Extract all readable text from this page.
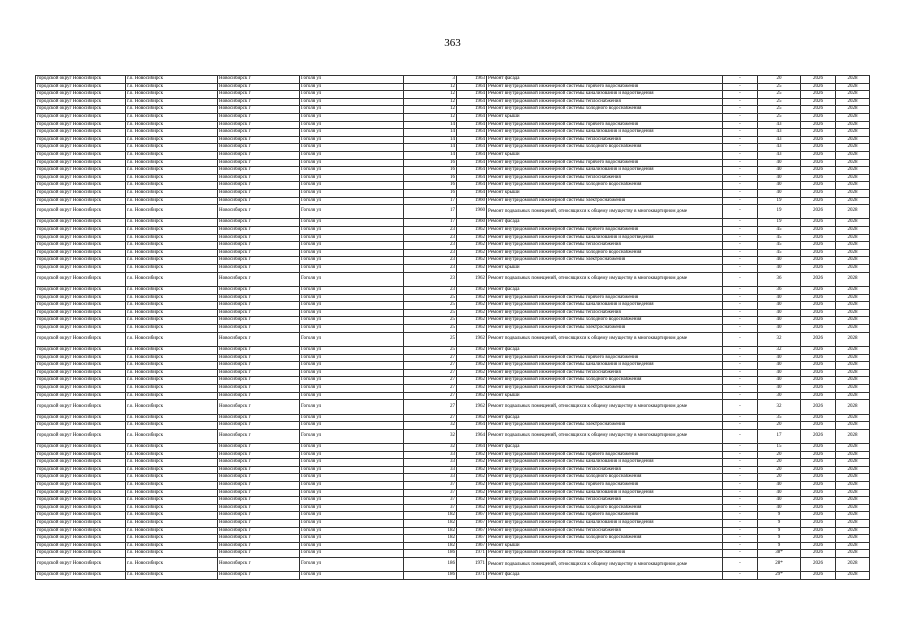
363
городской округ Новосибирск	г.о. Новосибирск	Новосибирск г	Гоголя ул	3	1963	Ремонт фасада	-	20	2026	2028
городской округ Новосибирск	г.о. Новосибирск	Новосибирск г	Гоголя ул	12	1964	Ремонт внутридомовой инженерной системы горячего водоснабжения	-	25	2026	2028
городской округ Новосибирск	г.о. Новосибирск	Новосибирск г	Гоголя ул	12	1964	Ремонт внутридомовой инженерной системы канализования и водоотведения	-	25	2026	2028
городской округ Новосибирск	г.о. Новосибирск	Новосибирск г	Гоголя ул	12	1964	Ремонт внутридомовой инженерной системы теплоснабжения	-	25	2026	2028
городской округ Новосибирск	г.о. Новосибирск	Новосибирск г	Гоголя ул	12	1964	Ремонт внутридомовой инженерной системы холодного водоснабжения	-	25	2026	2028
городской округ Новосибирск	г.о. Новосибирск	Новосибирск г	Гоголя ул	12	1964	Ремонт крыши	-	25	2026	2028
городской округ Новосибирск	г.о. Новосибирск	Новосибирск г	Гоголя ул	14	1964	Ремонт внутридомовой инженерной системы горячего водоснабжения	-	43	2026	2028
городской округ Новосибирск	г.о. Новосибирск	Новосибирск г	Гоголя ул	14	1964	Ремонт внутридомовой инженерной системы канализования и водоотведения	-	43	2026	2028
городской округ Новосибирск	г.о. Новосибирск	Новосибирск г	Гоголя ул	14	1964	Ремонт внутридомовой инженерной системы теплоснабжения	-	43	2026	2028
городской округ Новосибирск	г.о. Новосибирск	Новосибирск г	Гоголя ул	14	1964	Ремонт внутридомовой инженерной системы холодного водоснабжения	-	43	2026	2028
городской округ Новосибирск	г.о. Новосибирск	Новосибирск г	Гоголя ул	14	1964	Ремонт крыши	-	43	2026	2028
городской округ Новосибирск	г.о. Новосибирск	Новосибирск г	Гоголя ул	16	1964	Ремонт внутридомовой инженерной системы горячего водоснабжения	-	40	2026	2028
городской округ Новосибирск	г.о. Новосибирск	Новосибирск г	Гоголя ул	16	1964	Ремонт внутридомовой инженерной системы канализования и водоотведения	-	40	2026	2028
городской округ Новосибирск	г.о. Новосибирск	Новосибирск г	Гоголя ул	16	1964	Ремонт внутридомовой инженерной системы теплоснабжения	-	40	2026	2028
городской округ Новосибирск	г.о. Новосибирск	Новосибирск г	Гоголя ул	16	1964	Ремонт внутридомовой инженерной системы холодного водоснабжения	-	40	2026	2028
городской округ Новосибирск	г.о. Новосибирск	Новосибирск г	Гоголя ул	16	1964	Ремонт крыши	-	40	2026	2028
городской округ Новосибирск	г.о. Новосибирск	Новосибирск г	Гоголя ул	17	1960	Ремонт внутридомовой инженерной системы электроснабжения	-	19	2026	2028
городской округ Новосибирск	г.о. Новосибирск	Новосибирск г	Гоголя ул	17	1960	Ремонт подвальных помещений, относящихся к общему имуществу в многоквартирном доме	-	19	2026	2028
городской округ Новосибирск	г.о. Новосибирск	Новосибирск г	Гоголя ул	17	1960	Ремонт фасада	-	19	2026	2028
городской округ Новосибирск	г.о. Новосибирск	Новосибирск г	Гоголя ул	23	1962	Ремонт внутридомовой инженерной системы горячего водоснабжения	-	45	2026	2028
городской округ Новосибирск	г.о. Новосибирск	Новосибирск г	Гоголя ул	23	1962	Ремонт внутридомовой инженерной системы канализования и водоотведения	-	45	2026	2028
городской округ Новосибирск	г.о. Новосибирск	Новосибирск г	Гоголя ул	23	1962	Ремонт внутридомовой инженерной системы теплоснабжения	-	45	2026	2028
городской округ Новосибирск	г.о. Новосибирск	Новосибирск г	Гоголя ул	23	1962	Ремонт внутридомовой инженерной системы холодного водоснабжения	-	45	2026	2028
городской округ Новосибирск	г.о. Новосибирск	Новосибирск г	Гоголя ул	23	1962	Ремонт внутридомовой инженерной системы электроснабжения	-	40	2026	2028
городской округ Новосибирск	г.о. Новосибирск	Новосибирск г	Гоголя ул	23	1962	Ремонт крыши	-	40	2026	2028
городской округ Новосибирск	г.о. Новосибирск	Новосибирск г	Гоголя ул	23	1962	Ремонт подвальных помещений, относящихся к общему имуществу в многоквартирном доме	-	36	2026	2028
городской округ Новосибирск	г.о. Новосибирск	Новосибирск г	Гоголя ул	23	1962	Ремонт фасада	-	36	2026	2028
городской округ Новосибирск	г.о. Новосибирск	Новосибирск г	Гоголя ул	25	1962	Ремонт внутридомовой инженерной системы горячего водоснабжения	-	40	2026	2028
городской округ Новосибирск	г.о. Новосибирск	Новосибирск г	Гоголя ул	25	1962	Ремонт внутридомовой инженерной системы канализования и водоотведения	-	40	2026	2028
городской округ Новосибирск	г.о. Новосибирск	Новосибирск г	Гоголя ул	25	1962	Ремонт внутридомовой инженерной системы теплоснабжения	-	40	2026	2028
городской округ Новосибирск	г.о. Новосибирск	Новосибирск г	Гоголя ул	25	1962	Ремонт внутридомовой инженерной системы холодного водоснабжения	-	40	2026	2028
городской округ Новосибирск	г.о. Новосибирск	Новосибирск г	Гоголя ул	25	1962	Ремонт внутридомовой инженерной системы электроснабжения	-	40	2026	2028
городской округ Новосибирск	г.о. Новосибирск	Новосибирск г	Гоголя ул	25	1962	Ремонт подвальных помещений, относящихся к общему имуществу в многоквартирном доме	-	32	2026	2028
городской округ Новосибирск	г.о. Новосибирск	Новосибирск г	Гоголя ул	25	1962	Ремонт фасада	-	32	2026	2028
городской округ Новосибирск	г.о. Новосибирск	Новосибирск г	Гоголя ул	27	1962	Ремонт внутридомовой инженерной системы горячего водоснабжения	-	40	2026	2028
городской округ Новосибирск	г.о. Новосибирск	Новосибирск г	Гоголя ул	27	1962	Ремонт внутридомовой инженерной системы канализования и водоотведения	-	40	2026	2028
городской округ Новосибирск	г.о. Новосибирск	Новосибирск г	Гоголя ул	27	1962	Ремонт внутридомовой инженерной системы теплоснабжения	-	40	2026	2028
городской округ Новосибирск	г.о. Новосибирск	Новосибирск г	Гоголя ул	27	1962	Ремонт внутридомовой инженерной системы холодного водоснабжения	-	40	2026	2028
городской округ Новосибирск	г.о. Новосибирск	Новосибирск г	Гоголя ул	27	1962	Ремонт внутридомовой инженерной системы электроснабжения	-	40	2026	2028
городской округ Новосибирск	г.о. Новосибирск	Новосибирск г	Гоголя ул	27	1962	Ремонт крыши	-	30	2026	2028
городской округ Новосибирск	г.о. Новосибирск	Новосибирск г	Гоголя ул	27	1962	Ремонт подвальных помещений, относящихся к общему имуществу в многоквартирном доме	-	32	2026	2028
городской округ Новосибирск	г.о. Новосибирск	Новосибирск г	Гоголя ул	27	1962	Ремонт фасада	-	35	2026	2028
городской округ Новосибирск	г.о. Новосибирск	Новосибирск г	Гоголя ул	32	1964	Ремонт внутридомовой инженерной системы электроснабжения	-	20	2026	2028
городской округ Новосибирск	г.о. Новосибирск	Новосибирск г	Гоголя ул	32	1964	Ремонт подвальных помещений, относящихся к общему имуществу в многоквартирном доме	-	17	2026	2028
городской округ Новосибирск	г.о. Новосибирск	Новосибирск г	Гоголя ул	32	1964	Ремонт фасада	-	15	2026	2028
городской округ Новосибирск	г.о. Новосибирск	Новосибирск г	Гоголя ул	33	1962	Ремонт внутридомовой инженерной системы горячего водоснабжения	-	20	2026	2028
городской округ Новосибирск	г.о. Новосибирск	Новосибирск г	Гоголя ул	33	1962	Ремонт внутридомовой инженерной системы канализования и водоотведения	-	20	2026	2028
городской округ Новосибирск	г.о. Новосибирск	Новосибирск г	Гоголя ул	33	1962	Ремонт внутридомовой инженерной системы теплоснабжения	-	20	2026	2028
городской округ Новосибирск	г.о. Новосибирск	Новосибирск г	Гоголя ул	33	1962	Ремонт внутридомовой инженерной системы холодного водоснабжения	-	20	2026	2028
городской округ Новосибирск	г.о. Новосибирск	Новосибирск г	Гоголя ул	37	1962	Ремонт внутридомовой инженерной системы горячего водоснабжения	-	40	2026	2028
городской округ Новосибирск	г.о. Новосибирск	Новосибирск г	Гоголя ул	37	1962	Ремонт внутридомовой инженерной системы канализования и водоотведения	-	40	2026	2028
городской округ Новосибирск	г.о. Новосибирск	Новосибирск г	Гоголя ул	37	1962	Ремонт внутридомовой инженерной системы теплоснабжения	-	40	2026	2028
городской округ Новосибирск	г.о. Новосибирск	Новосибирск г	Гоголя ул	37	1962	Ремонт внутридомовой инженерной системы холодного водоснабжения	-	40	2026	2028
городской округ Новосибирск	г.о. Новосибирск	Новосибирск г	Гоголя ул	182	1967	Ремонт внутридомовой инженерной системы горячего водоснабжения	-	9	2026	2028
городской округ Новосибирск	г.о. Новосибирск	Новосибирск г	Гоголя ул	182	1967	Ремонт внутридомовой инженерной системы канализования и водоотведения	-	9	2026	2028
городской округ Новосибирск	г.о. Новосибирск	Новосибирск г	Гоголя ул	182	1967	Ремонт внутридомовой инженерной системы теплоснабжения	-	9	2026	2028
городской округ Новосибирск	г.о. Новосибирск	Новосибирск г	Гоголя ул	182	1967	Ремонт внутридомовой инженерной системы холодного водоснабжения	-	9	2026	2028
городской округ Новосибирск	г.о. Новосибирск	Новосибирск г	Гоголя ул	182	1967	Ремонт крыши	-	9	2026	2028
городской округ Новосибирск	г.о. Новосибирск	Новосибирск г	Гоголя ул	186	1971	Ремонт внутридомовой инженерной системы электроснабжения	-	38*	2026	2028
городской округ Новосибирск	г.о. Новосибирск	Новосибирск г	Гоголя ул	186	1971	Ремонт подвальных помещений, относящихся к общему имуществу в многоквартирном доме	-	28*	2026	2028
городской округ Новосибирск	г.о. Новосибирск	Новосибирск г	Гоголя ул	186	1971	Ремонт фасада	-	29*	2026	2028
